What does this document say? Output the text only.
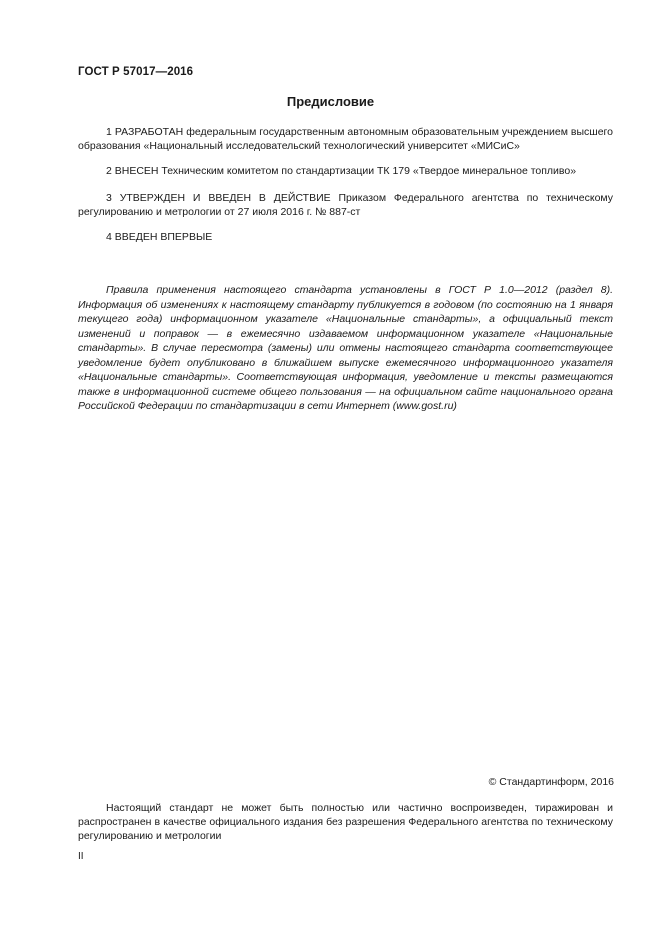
ГОСТ Р 57017—2016
Предисловие
1 РАЗРАБОТАН федеральным государственным автономным образовательным учреждением высшего образования «Национальный исследовательский технологический университет «МИСиС»
2 ВНЕСЕН Техническим комитетом по стандартизации ТК 179 «Твердое минеральное топливо»
3 УТВЕРЖДЕН И ВВЕДЕН В ДЕЙСТВИЕ Приказом Федерального агентства по техническому регулированию и метрологии от 27 июля 2016 г. № 887-ст
4 ВВЕДЕН ВПЕРВЫЕ
Правила применения настоящего стандарта установлены в ГОСТ Р 1.0—2012 (раздел 8). Информация об изменениях к настоящему стандарту публикуется в годовом (по состоянию на 1 января текущего года) информационном указателе «Национальные стандарты», а официальный текст изменений и поправок — в ежемесячно издаваемом информационном указателе «Национальные стандарты». В случае пересмотра (замены) или отмены настоящего стандарта соответствующее уведомление будет опубликовано в ближайшем выпуске ежемесячного информационного указателя «Национальные стандарты». Соответствующая информация, уведомление и тексты размещаются также в информационной системе общего пользования — на официальном сайте национального органа Российской Федерации по стандартизации в сети Интернет (www.gost.ru)
© Стандартинформ, 2016
Настоящий стандарт не может быть полностью или частично воспроизведен, тиражирован и распространен в качестве официального издания без разрешения Федерального агентства по техническому регулированию и метрологии
II
